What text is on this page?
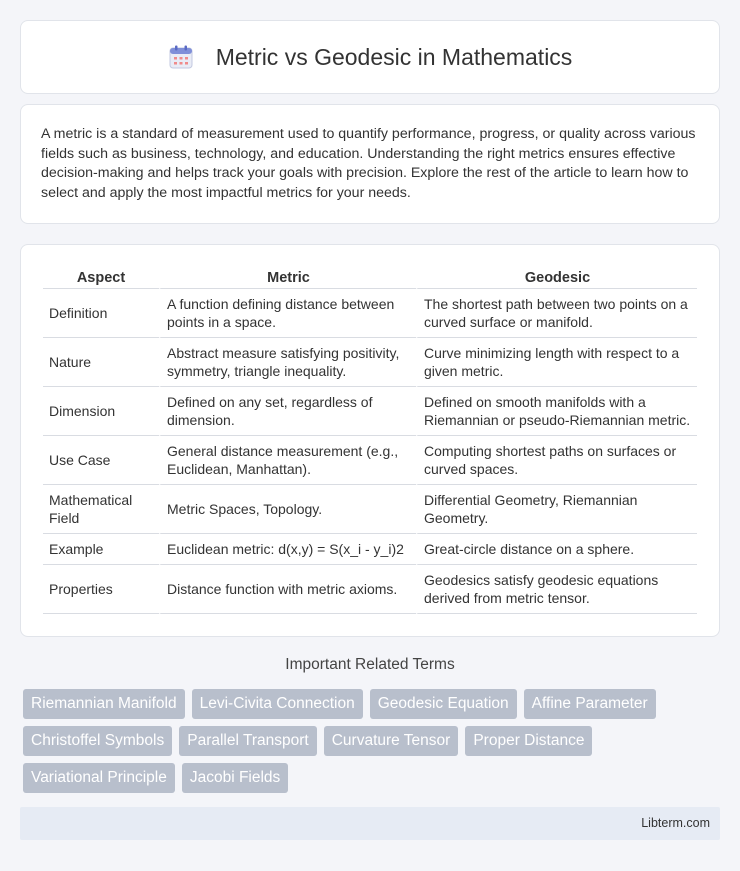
Metric vs Geodesic in Mathematics

A metric is a standard of measurement used to quantify performance, progress, or quality across various fields such as business, technology, and education. Understanding the right metrics ensures effective decision-making and helps track your goals with precision. Explore the rest of the article to learn how to select and apply the most impactful metrics for your needs.

Aspect	Metric	Geodesic
Definition	A function defining distance between points in a space.	The shortest path between two points on a curved surface or manifold.
Nature	Abstract measure satisfying positivity, symmetry, triangle inequality.	Curve minimizing length with respect to a given metric.
Dimension	Defined on any set, regardless of dimension.	Defined on smooth manifolds with a Riemannian or pseudo-Riemannian metric.
Use Case	General distance measurement (e.g., Euclidean, Manhattan).	Computing shortest paths on surfaces or curved spaces.
Mathematical Field	Metric Spaces, Topology.	Differential Geometry, Riemannian Geometry.
Example	Euclidean metric: d(x,y) = S(x_i - y_i)2	Great-circle distance on a sphere.
Properties	Distance function with metric axioms.	Geodesics satisfy geodesic equations derived from metric tensor.
Important Related Terms
Riemannian Manifold	Levi-Civita Connection	Geodesic Equation	Affine Parameter
Christoffel Symbols	Parallel Transport	Curvature Tensor	Proper Distance
Variational Principle	Jacobi Fields
Libterm.com
